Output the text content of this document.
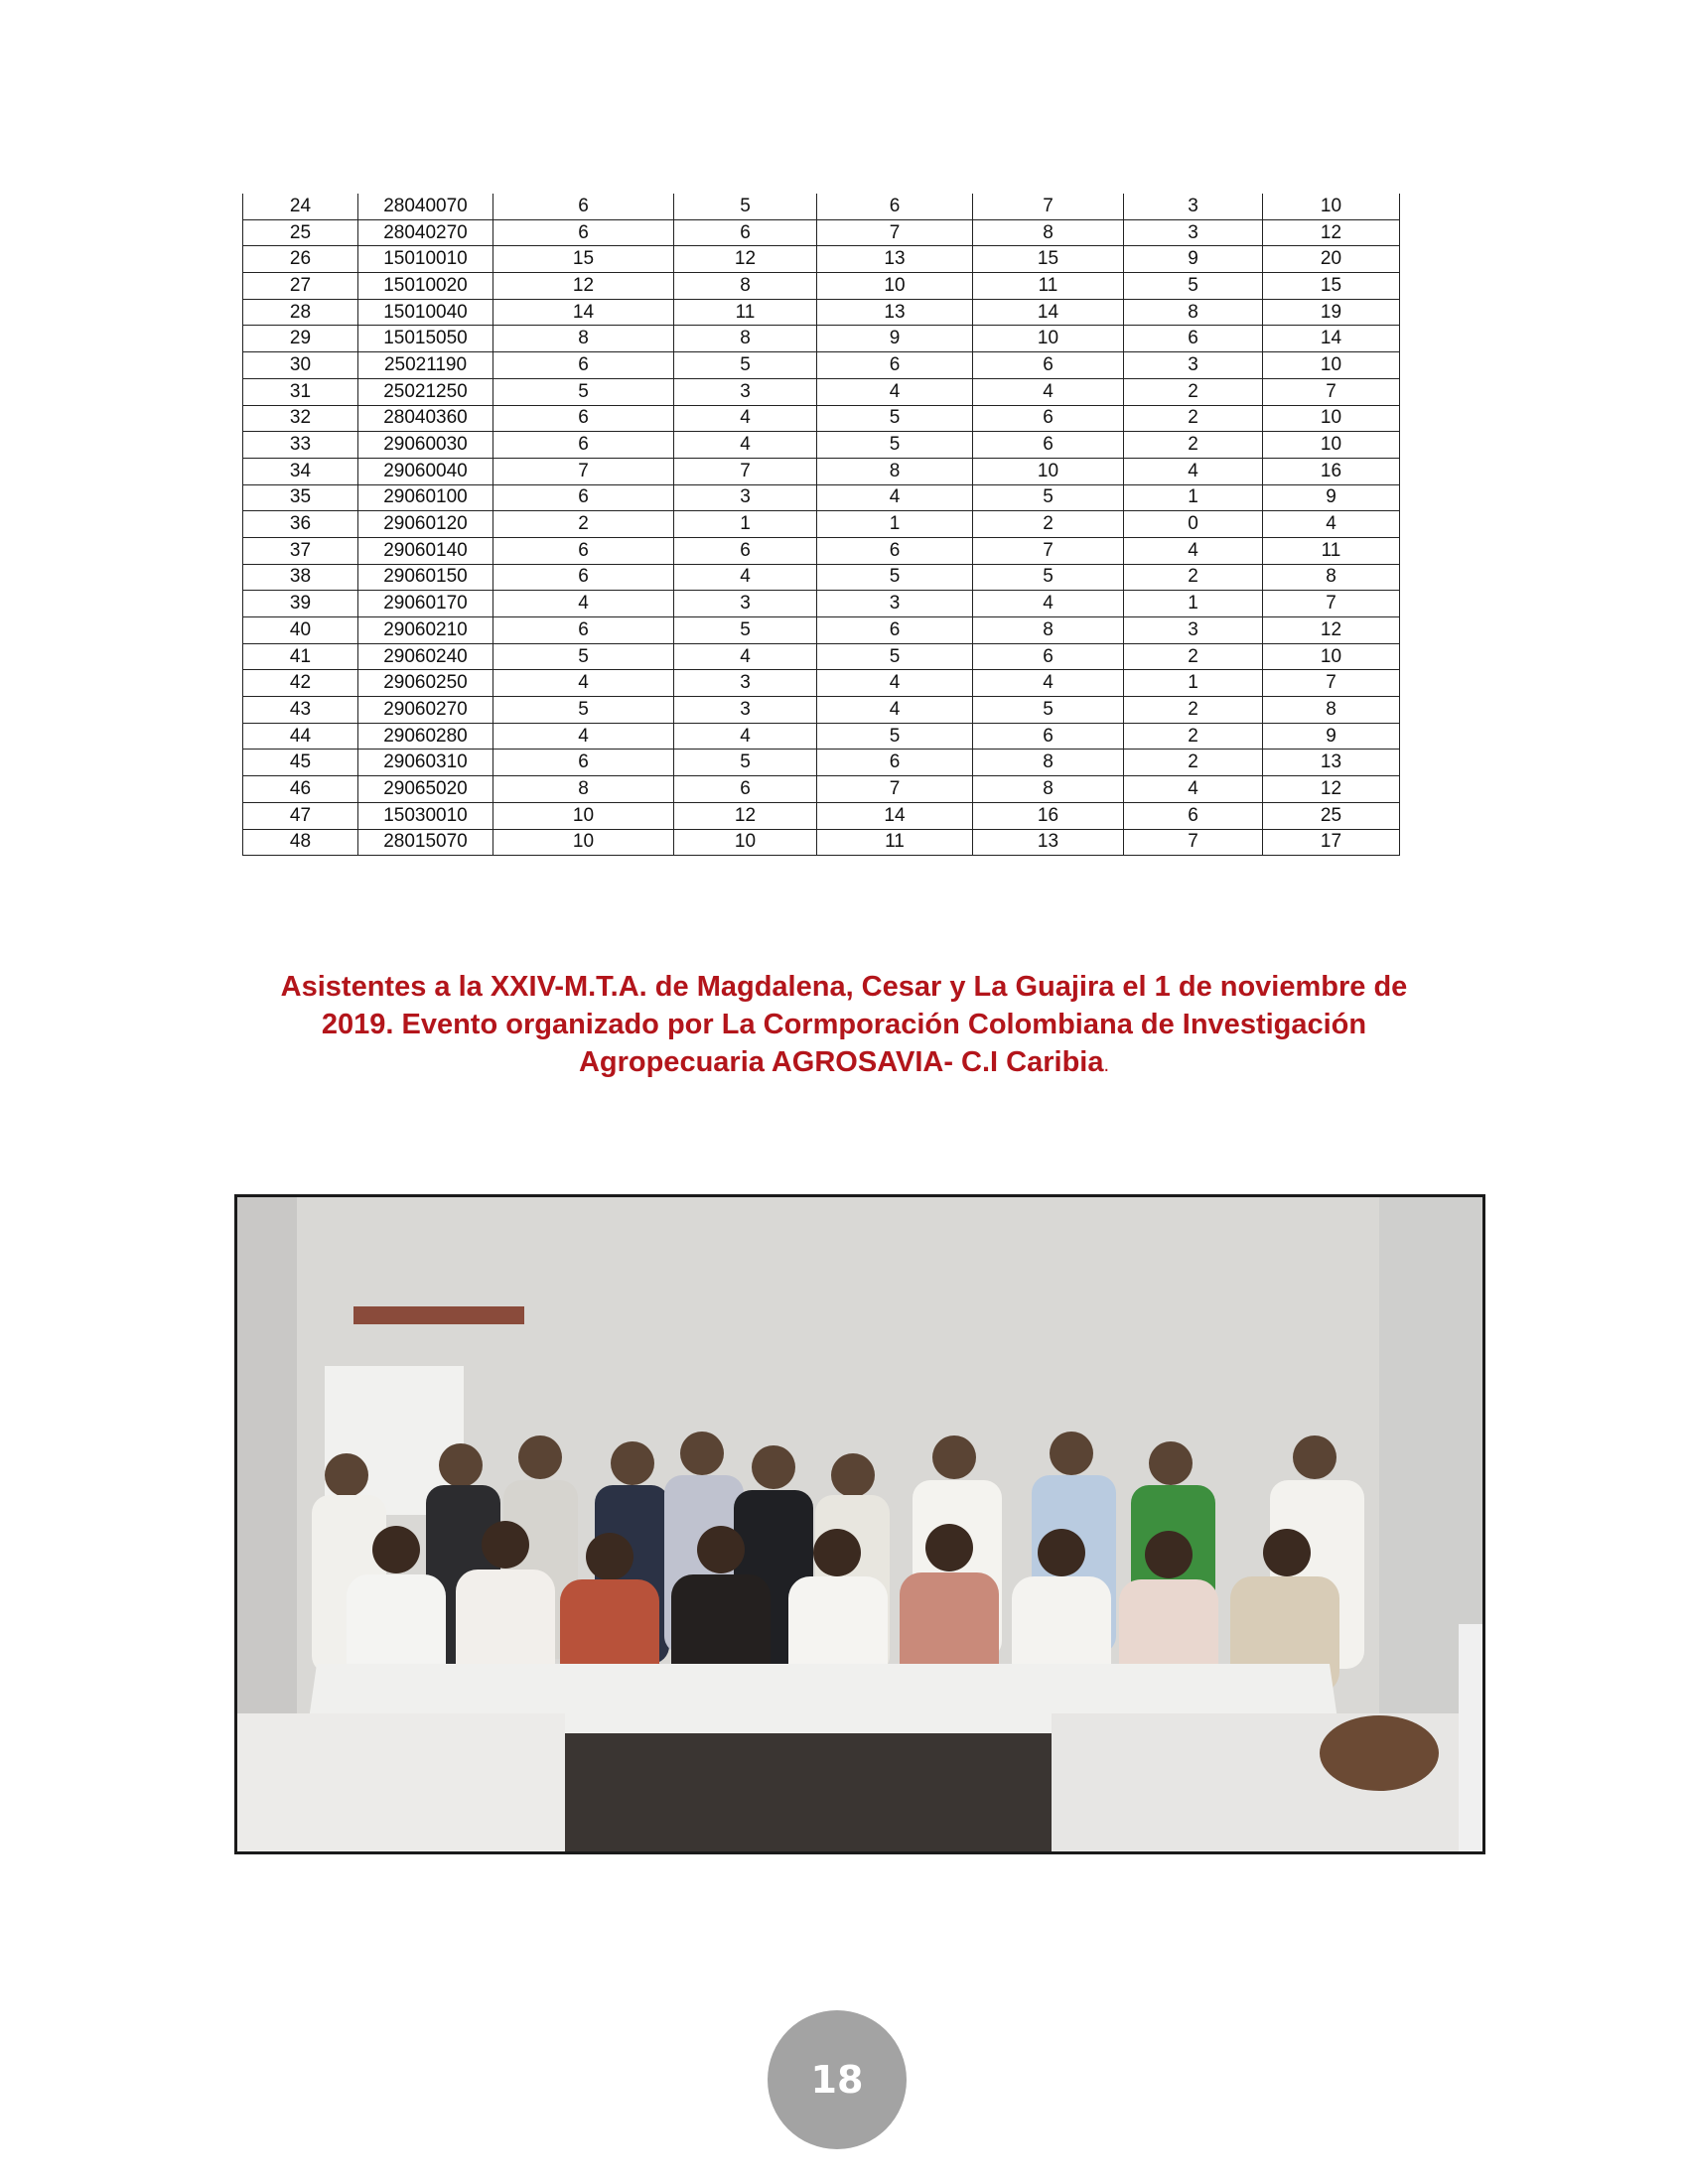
24	28040070	6	5	6	7	3	10
25	28040270	6	6	7	8	3	12
26	15010010	15	12	13	15	9	20
27	15010020	12	8	10	11	5	15
28	15010040	14	11	13	14	8	19
29	15015050	8	8	9	10	6	14
30	25021190	6	5	6	6	3	10
31	25021250	5	3	4	4	2	7
32	28040360	6	4	5	6	2	10
33	29060030	6	4	5	6	2	10
34	29060040	7	7	8	10	4	16
35	29060100	6	3	4	5	1	9
36	29060120	2	1	1	2	0	4
37	29060140	6	6	6	7	4	11
38	29060150	6	4	5	5	2	8
39	29060170	4	3	3	4	1	7
40	29060210	6	5	6	8	3	12
41	29060240	5	4	5	6	2	10
42	29060250	4	3	4	4	1	7
43	29060270	5	3	4	5	2	8
44	29060280	4	4	5	6	2	9
45	29060310	6	5	6	8	2	13
46	29065020	8	6	7	8	4	12
47	15030010	10	12	14	16	6	25
48	28015070	10	10	11	13	7	17
Asistentes a la XXIV-M.T.A. de Magdalena, Cesar y La Guajira el 1 de noviembre de
2019. Evento organizado por La Cormporación Colombiana de Investigación
Agropecuaria AGROSAVIA- C.I Caribia.
18
